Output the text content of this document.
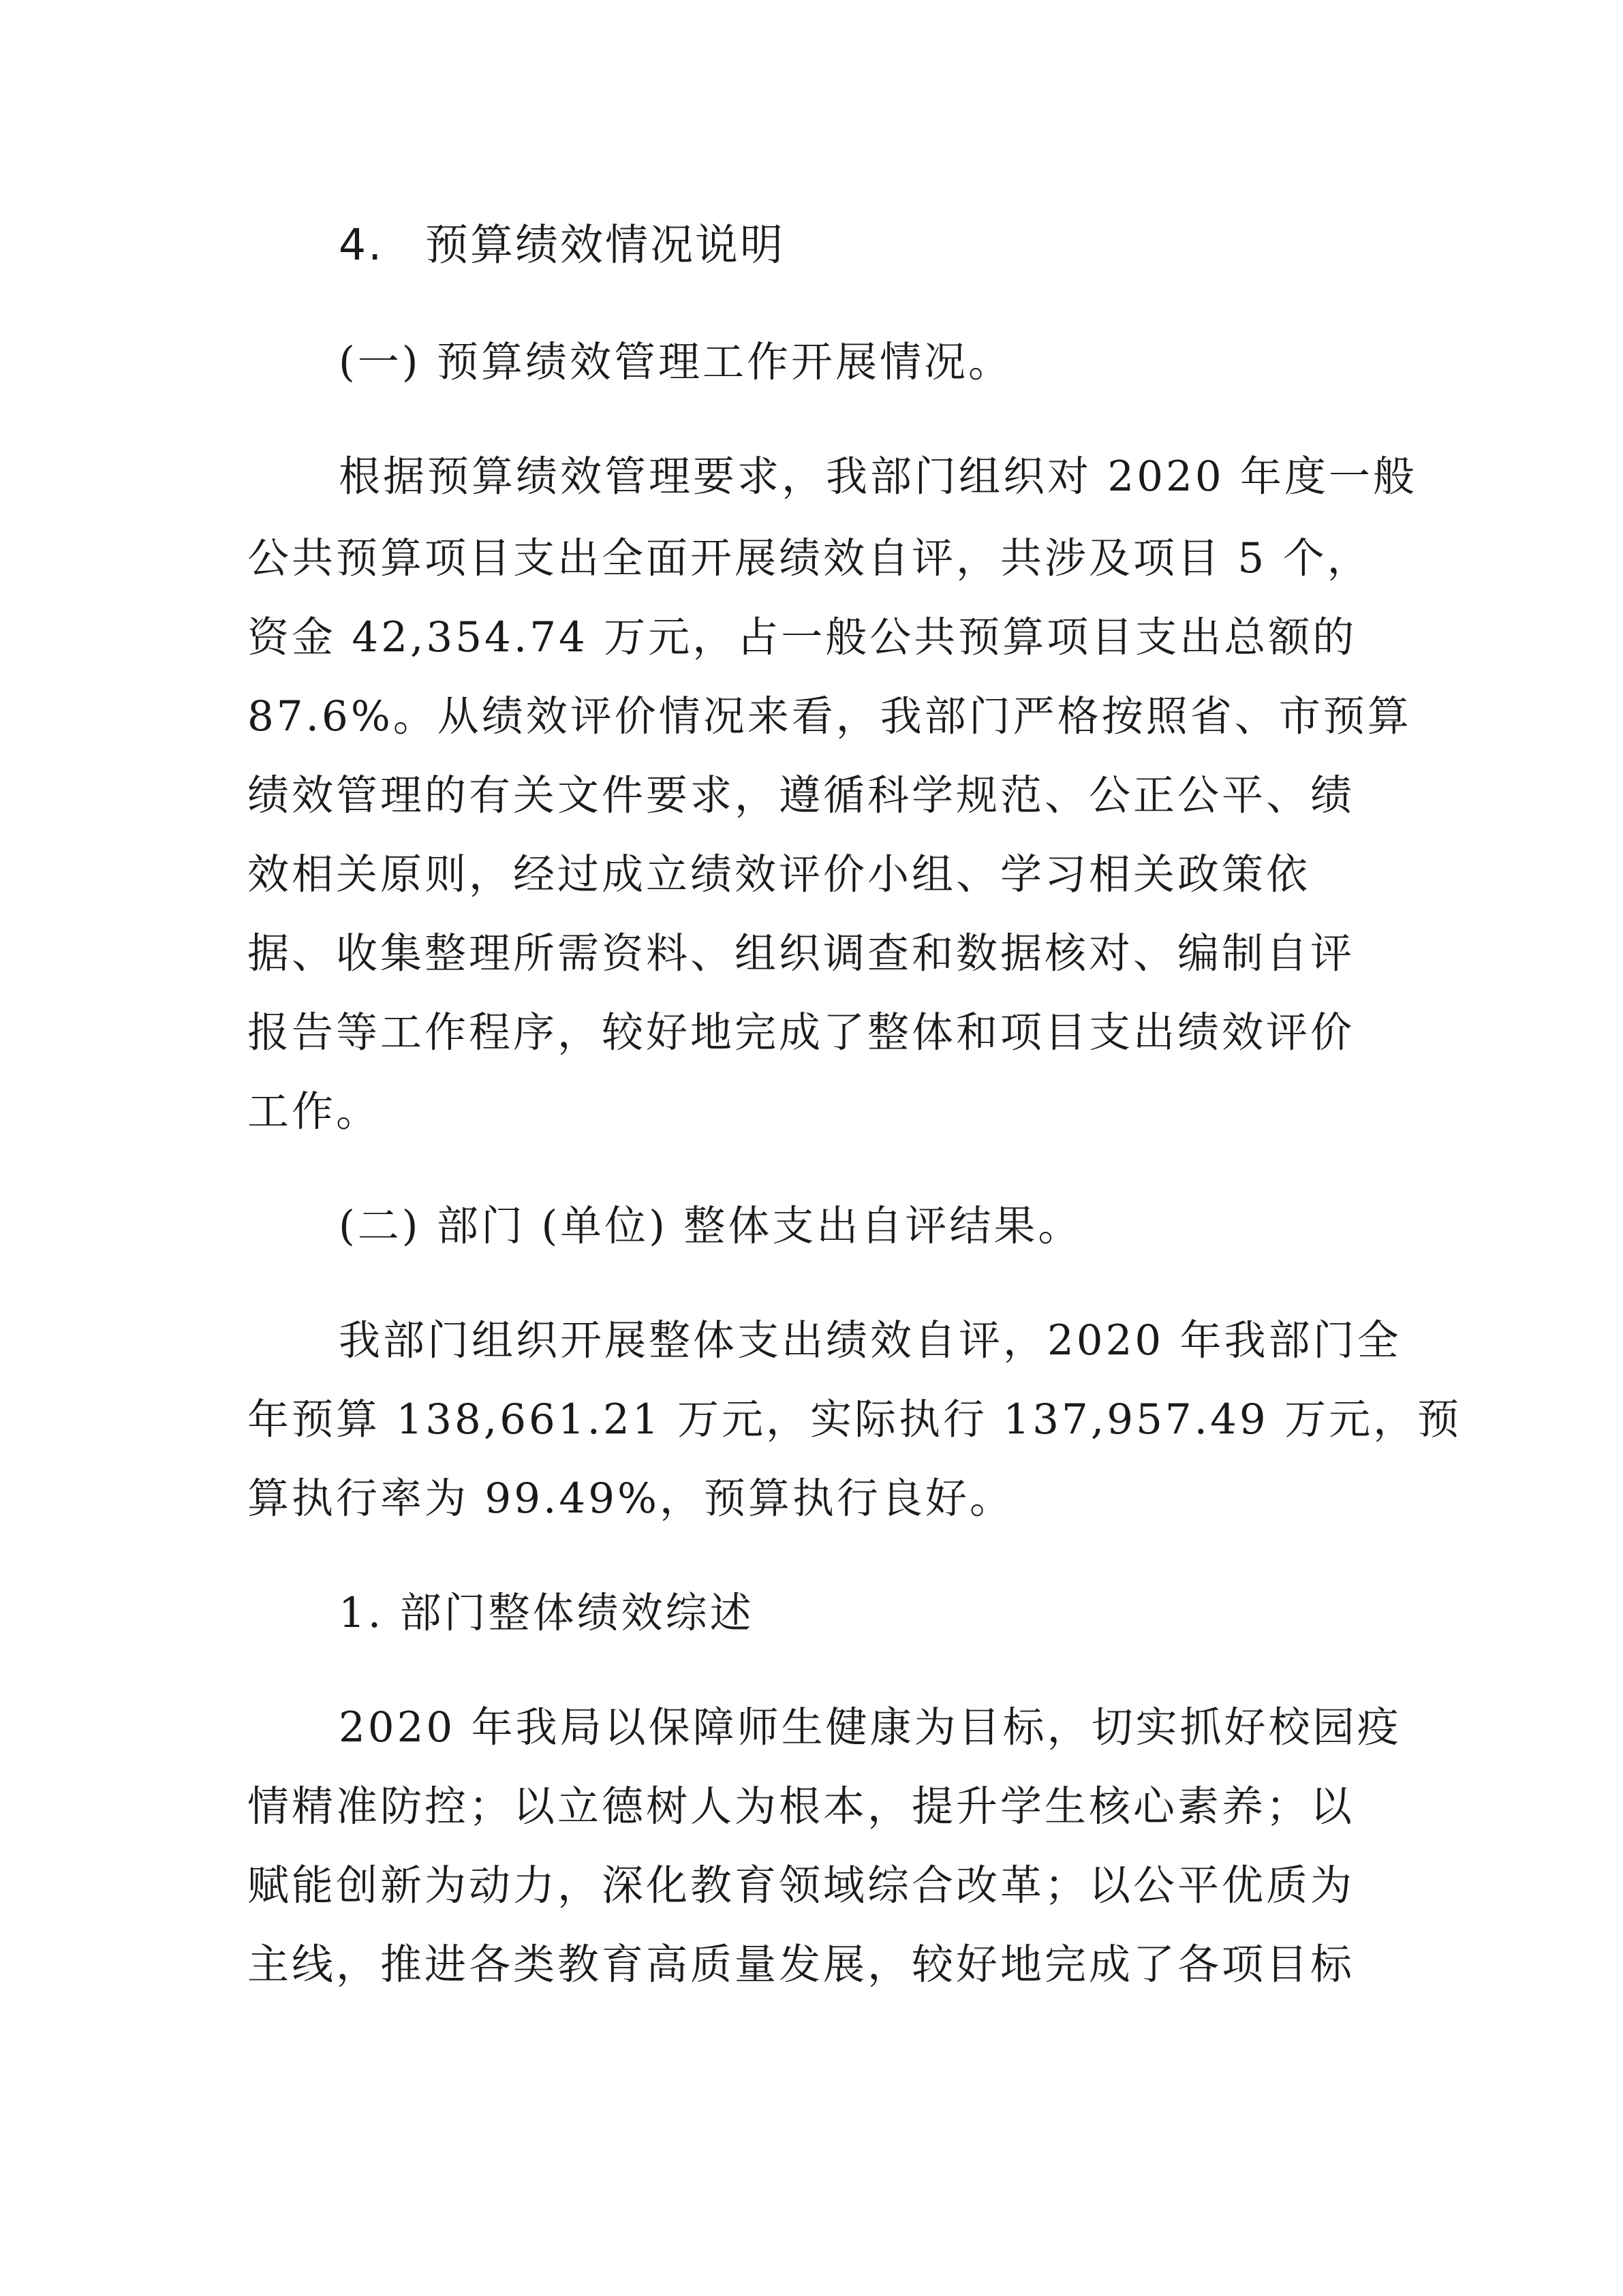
4. 预算绩效情况说明
(一) 预算绩效管理工作开展情况。
根据预算绩效管理要求，我部门组织对 2020 年度一般
公共预算项目支出全面开展绩效自评，共涉及项目 5 个，
资金 42,354.74 万元，占一般公共预算项目支出总额的
87.6%。从绩效评价情况来看，我部门严格按照省、市预算
绩效管理的有关文件要求，遵循科学规范、公正公平、绩
效相关原则，经过成立绩效评价小组、学习相关政策依
据、收集整理所需资料、组织调查和数据核对、编制自评
报告等工作程序，较好地完成了整体和项目支出绩效评价
工作。
(二) 部门 (单位) 整体支出自评结果。
我部门组织开展整体支出绩效自评，2020 年我部门全
年预算 138,661.21 万元，实际执行 137,957.49 万元，预
算执行率为 99.49%，预算执行良好。
1. 部门整体绩效综述
2020 年我局以保障师生健康为目标，切实抓好校园疫
情精准防控；以立德树人为根本，提升学生核心素养；以
赋能创新为动力，深化教育领域综合改革；以公平优质为
主线，推进各类教育高质量发展，较好地完成了各项目标
